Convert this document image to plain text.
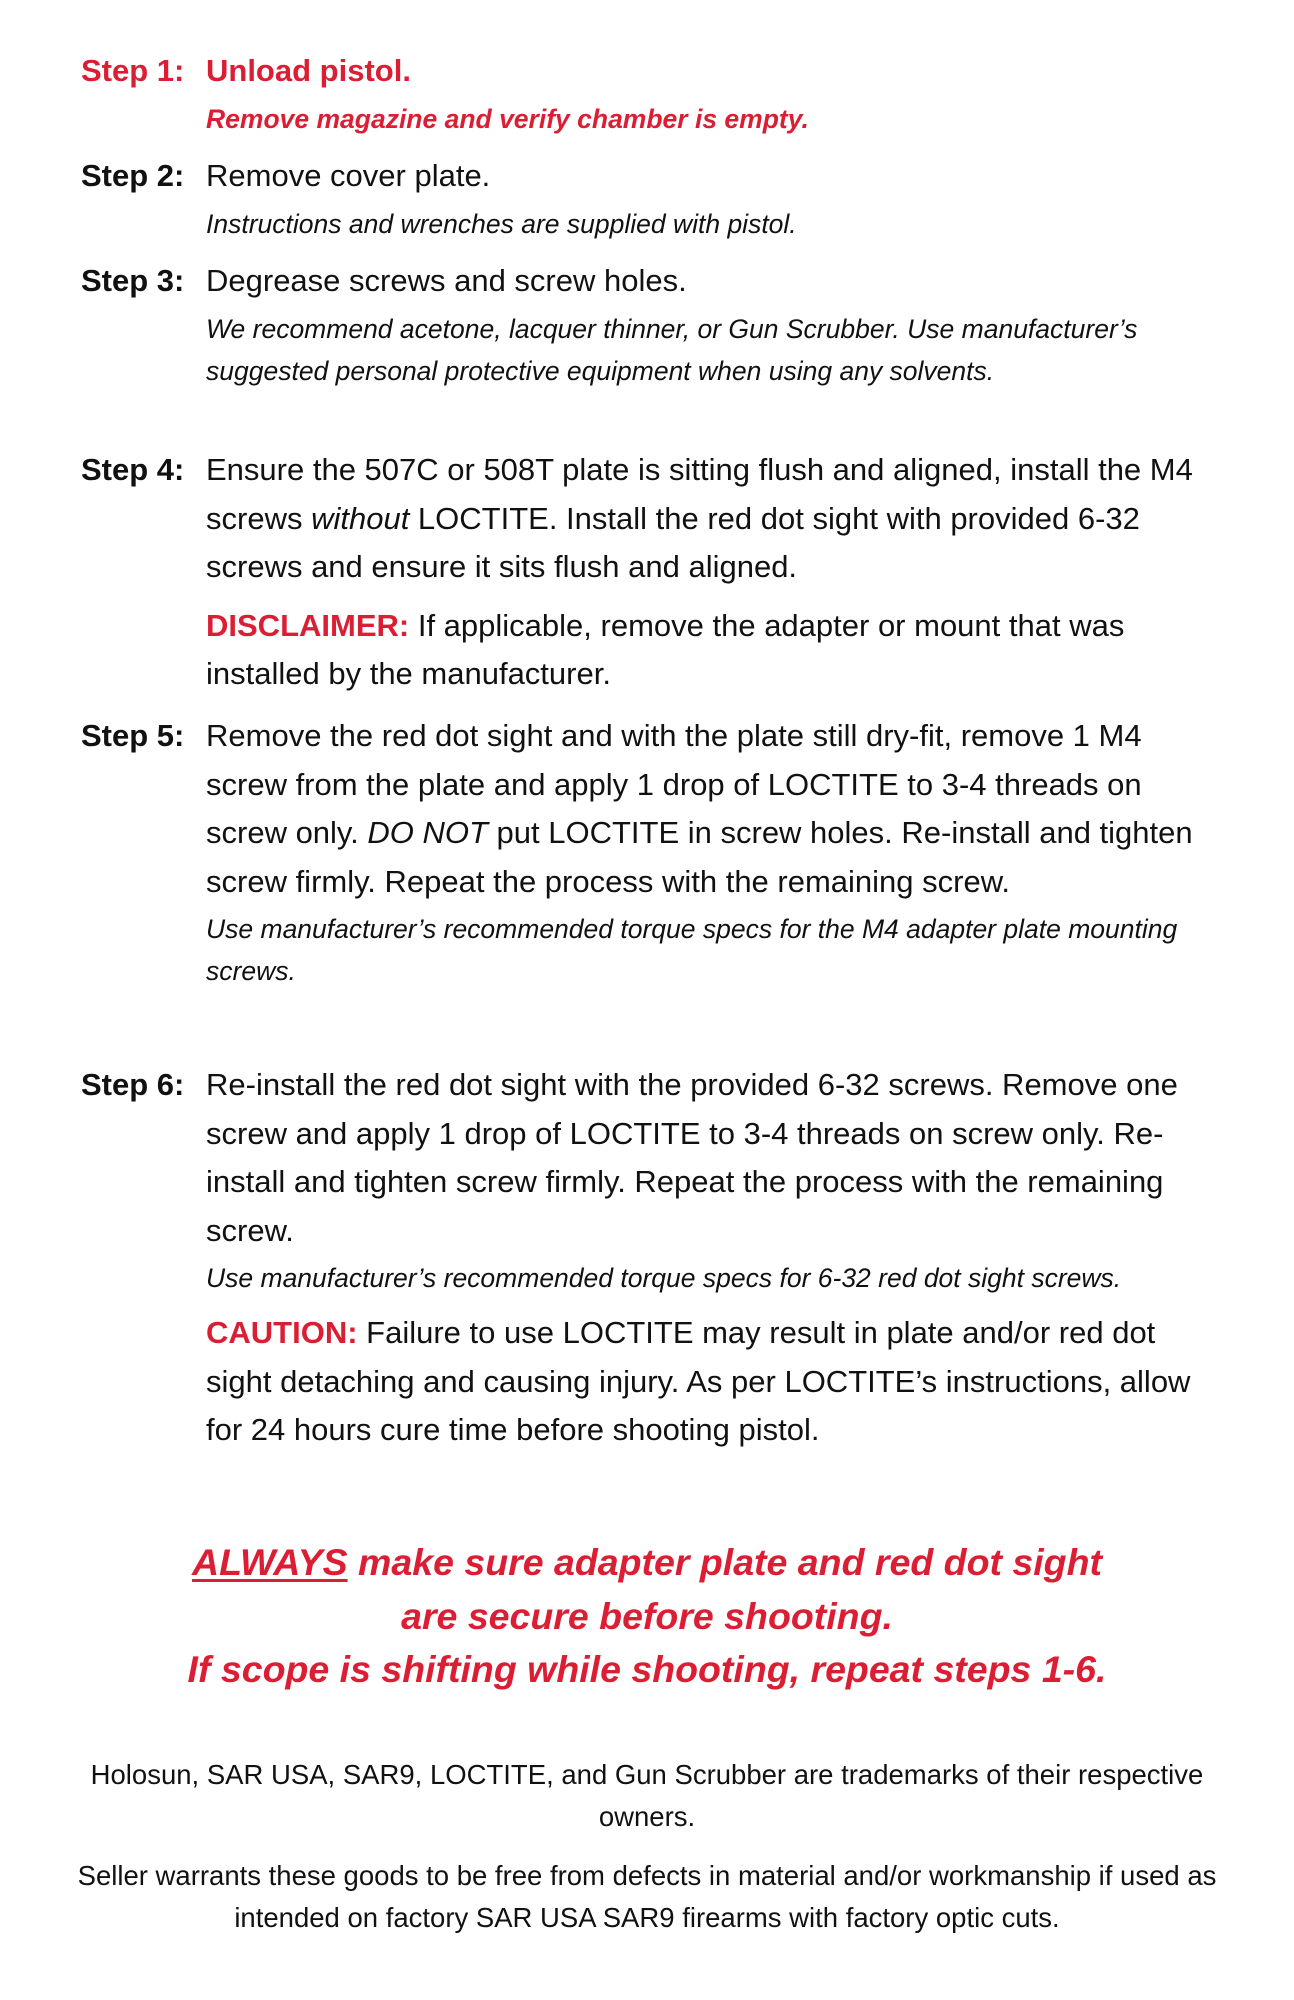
Step 1: Unload pistol.
Remove magazine and verify chamber is empty.
Step 2: Remove cover plate.
Instructions and wrenches are supplied with pistol.
Step 3: Degrease screws and screw holes.
We recommend acetone, lacquer thinner, or Gun Scrubber. Use manufacturer’s suggested personal protective equipment when using any solvents.
Step 4: Ensure the 507C or 508T plate is sitting flush and aligned, install the M4 screws without LOCTITE. Install the red dot sight with provided 6-32 screws and ensure it sits flush and aligned.
DISCLAIMER: If applicable, remove the adapter or mount that was installed by the manufacturer.
Step 5: Remove the red dot sight and with the plate still dry-fit, remove 1 M4 screw from the plate and apply 1 drop of LOCTITE to 3-4 threads on screw only. DO NOT put LOCTITE in screw holes. Re-install and tighten screw firmly. Repeat the process with the remaining screw.
Use manufacturer’s recommended torque specs for the M4 adapter plate mounting screws.
Step 6: Re-install the red dot sight with the provided 6-32 screws. Remove one screw and apply 1 drop of LOCTITE to 3-4 threads on screw only. Re-install and tighten screw firmly. Repeat the process with the remaining screw.
Use manufacturer’s recommended torque specs for 6-32 red dot sight screws.
CAUTION: Failure to use LOCTITE may result in plate and/or red dot sight detaching and causing injury. As per LOCTITE’s instructions, allow for 24 hours cure time before shooting pistol.
ALWAYS make sure adapter plate and red dot sight
are secure before shooting.
If scope is shifting while shooting, repeat steps 1-6.
Holosun, SAR USA, SAR9, LOCTITE, and Gun Scrubber are trademarks of their respective owners.
Seller warrants these goods to be free from defects in material and/or workmanship if used as intended on factory SAR USA SAR9 firearms with factory optic cuts.
